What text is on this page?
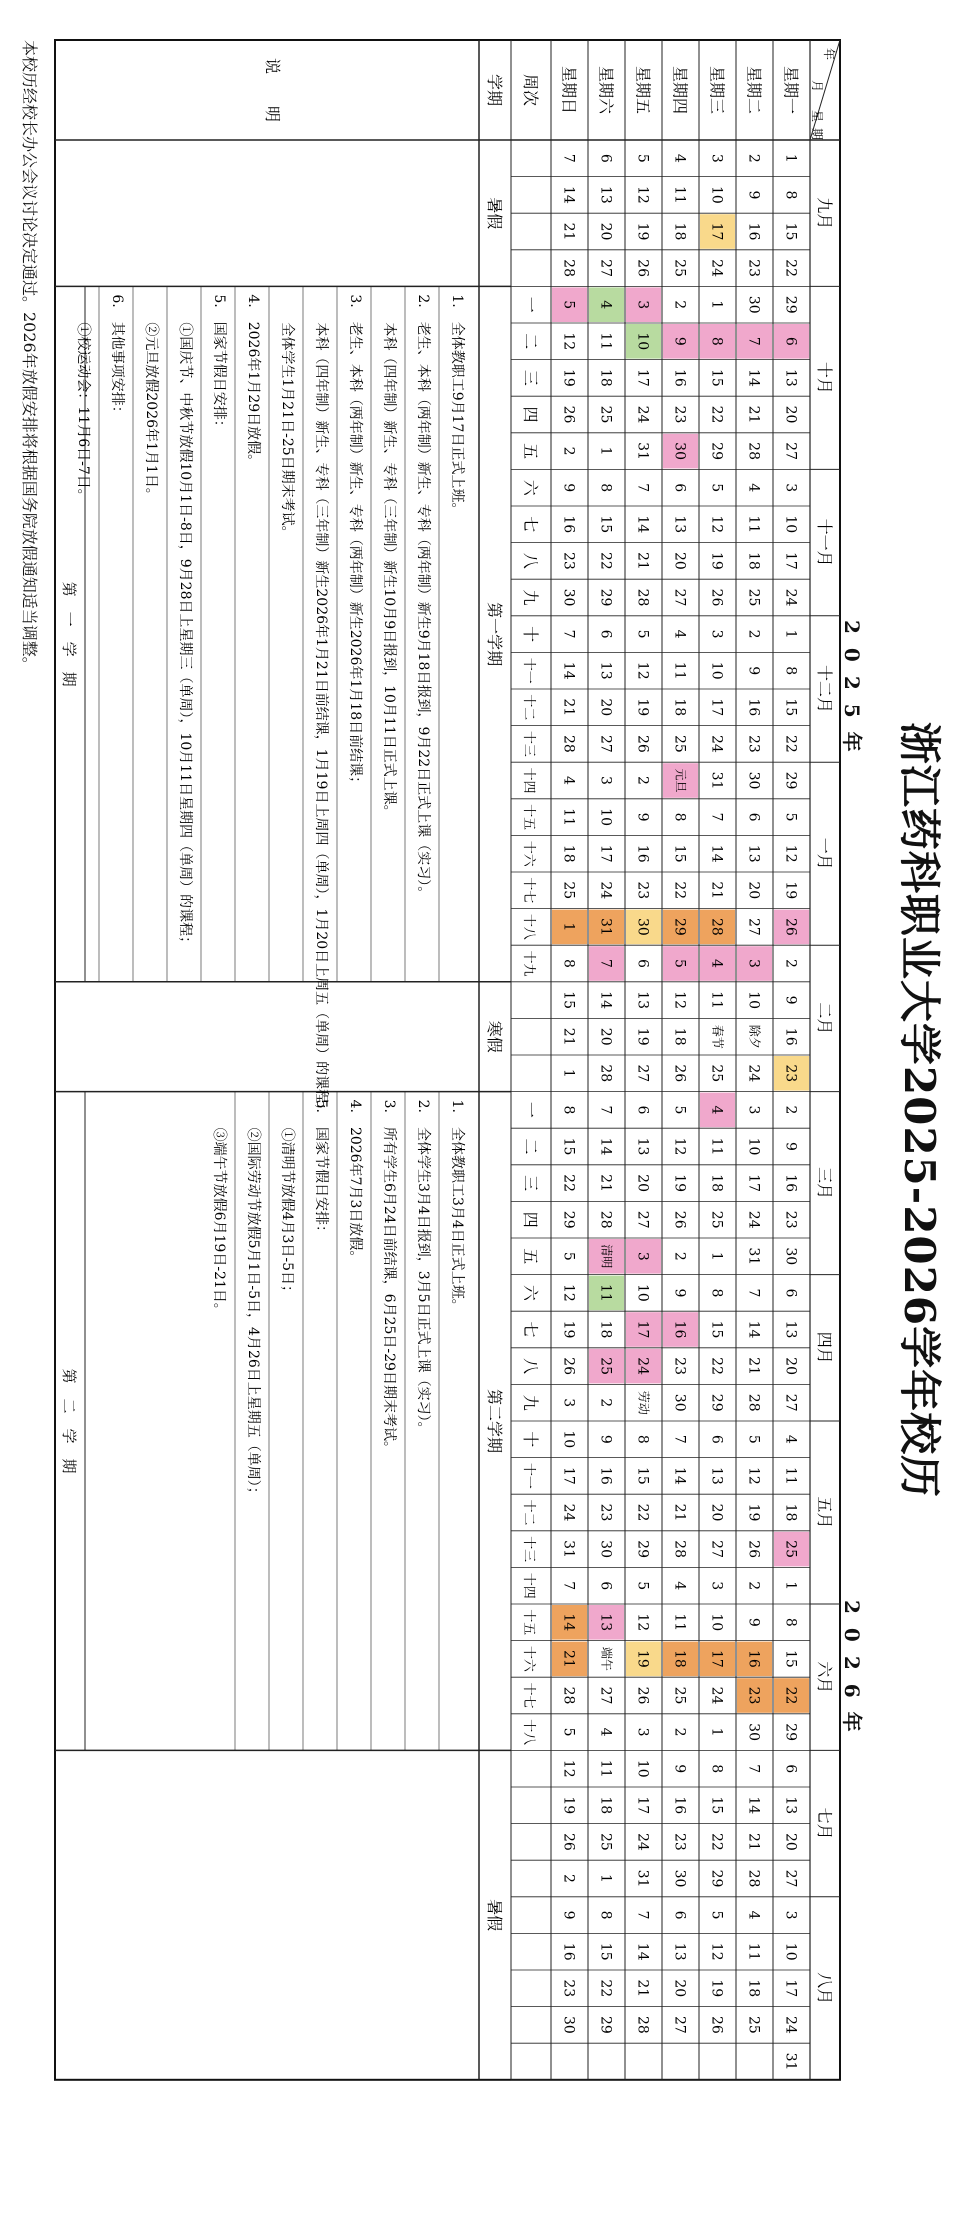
浙江药科职业大学2025-2026学年校历
2025年
2026年
九月
十月
十一月
十二月
一月
二月
三月
四月
五月
六月
七月
八月
年
月
星
期
星期一
星期二
星期三
星期四
星期五
星期六
星期日
周次
学期
1
2
3
4
5
6
7
8
9
10
11
12
13
14
15
16
17
18
19
20
21
22
23
24
25
26
27
28
29
30
1
2
3
4
5
6
7
8
9
10
11
12
13
14
15
16
17
18
19
20
21
22
23
24
25
26
27
28
29
30
31
1
2
3
4
5
6
7
8
9
10
11
12
13
14
15
16
17
18
19
20
21
22
23
24
25
26
27
28
29
30
1
2
3
4
5
6
7
8
9
10
11
12
13
14
15
16
17
18
19
20
21
22
23
24
25
26
27
28
29
30
31
元旦
2
3
4
5
6
7
8
9
10
11
12
13
14
15
16
17
18
19
20
21
22
23
24
25
26
27
28
29
30
31
1
2
3
4
5
6
7
8
9
10
11
12
13
14
15
16
除夕
春节
18
19
20
21
23
24
25
26
27
28
1
2
3
4
5
6
7
8
9
10
11
12
13
14
15
16
17
18
19
20
21
22
23
24
25
26
27
28
29
30
31
1
2
3
清明
5
6
7
8
9
10
11
12
13
14
15
16
17
18
19
20
21
22
23
24
25
26
27
28
29
30
劳动
2
3
4
5
6
7
8
9
10
11
12
13
14
15
16
17
18
19
20
21
22
23
24
25
26
27
28
29
30
31
1
2
3
4
5
6
7
8
9
10
11
12
13
14
15
16
17
18
19
端午
21
22
23
24
25
26
27
28
29
30
1
2
3
4
5
6
7
8
9
10
11
12
13
14
15
16
17
18
19
20
21
22
23
24
25
26
27
28
29
30
31
1
2
3
4
5
6
7
8
9
10
11
12
13
14
15
16
17
18
19
20
21
22
23
24
25
26
27
28
29
30
31
一
二
三
四
五
六
七
八
九
十
十一
十二
十三
十四
十五
十六
十七
十八
十九
一
二
三
四
五
六
七
八
九
十
十一
十二
十三
十四
十五
十六
十七
十八
暑假
第一学期
寒假
第二学期
暑假
说　　明
第　一　学　期
第　二　学　期
1.　全体教职工9月17日正式上班。
2.　老生、本科（两年制）新生、专科（两年制）新生9月18日报到，9月22日正式上课（实习）。
　　本科（四年制）新生、专科（三年制）新生10月9日报到，10月11日正式上课。
3.　老生、本科（两年制）新生、专科（两年制）新生2026年1月18日前结课；
　　本科（四年制）新生、专科（三年制）新生2026年1月21日前结课，1月19日上周四（单周），1月20日上周五（单周）的课程；
　　全体学生1月21日-25日期末考试。
4.　2026年1月29日放假。
5.　国家节假日安排：
　　①国庆节、中秋节放假10月1日-8日，9月28日上星期三（单周），10月11日星期四（单周）的课程；
　　②元旦放假2026年1月1日。
6.　其他事项安排：
　　①校运动会：11月6日-7日。
1.　全体教职工3月4日正式上班。
2.　全体学生3月4日报到，3月5日正式上课（实习）。
3.　所有学生6月24日前结课，6月25日-29日期末考试。
4.　2026年7月3日放假。
5.　国家节假日安排：
　　①清明节放假4月3日-5日；
　　②国际劳动节放假5月1日-5日，4月26日上星期五（单周）；
　　③端午节放假6月19日-21日。
本校历经校长办公会议讨论决定通过。2026年放假安排将根据国务院放假通知适当调整。
